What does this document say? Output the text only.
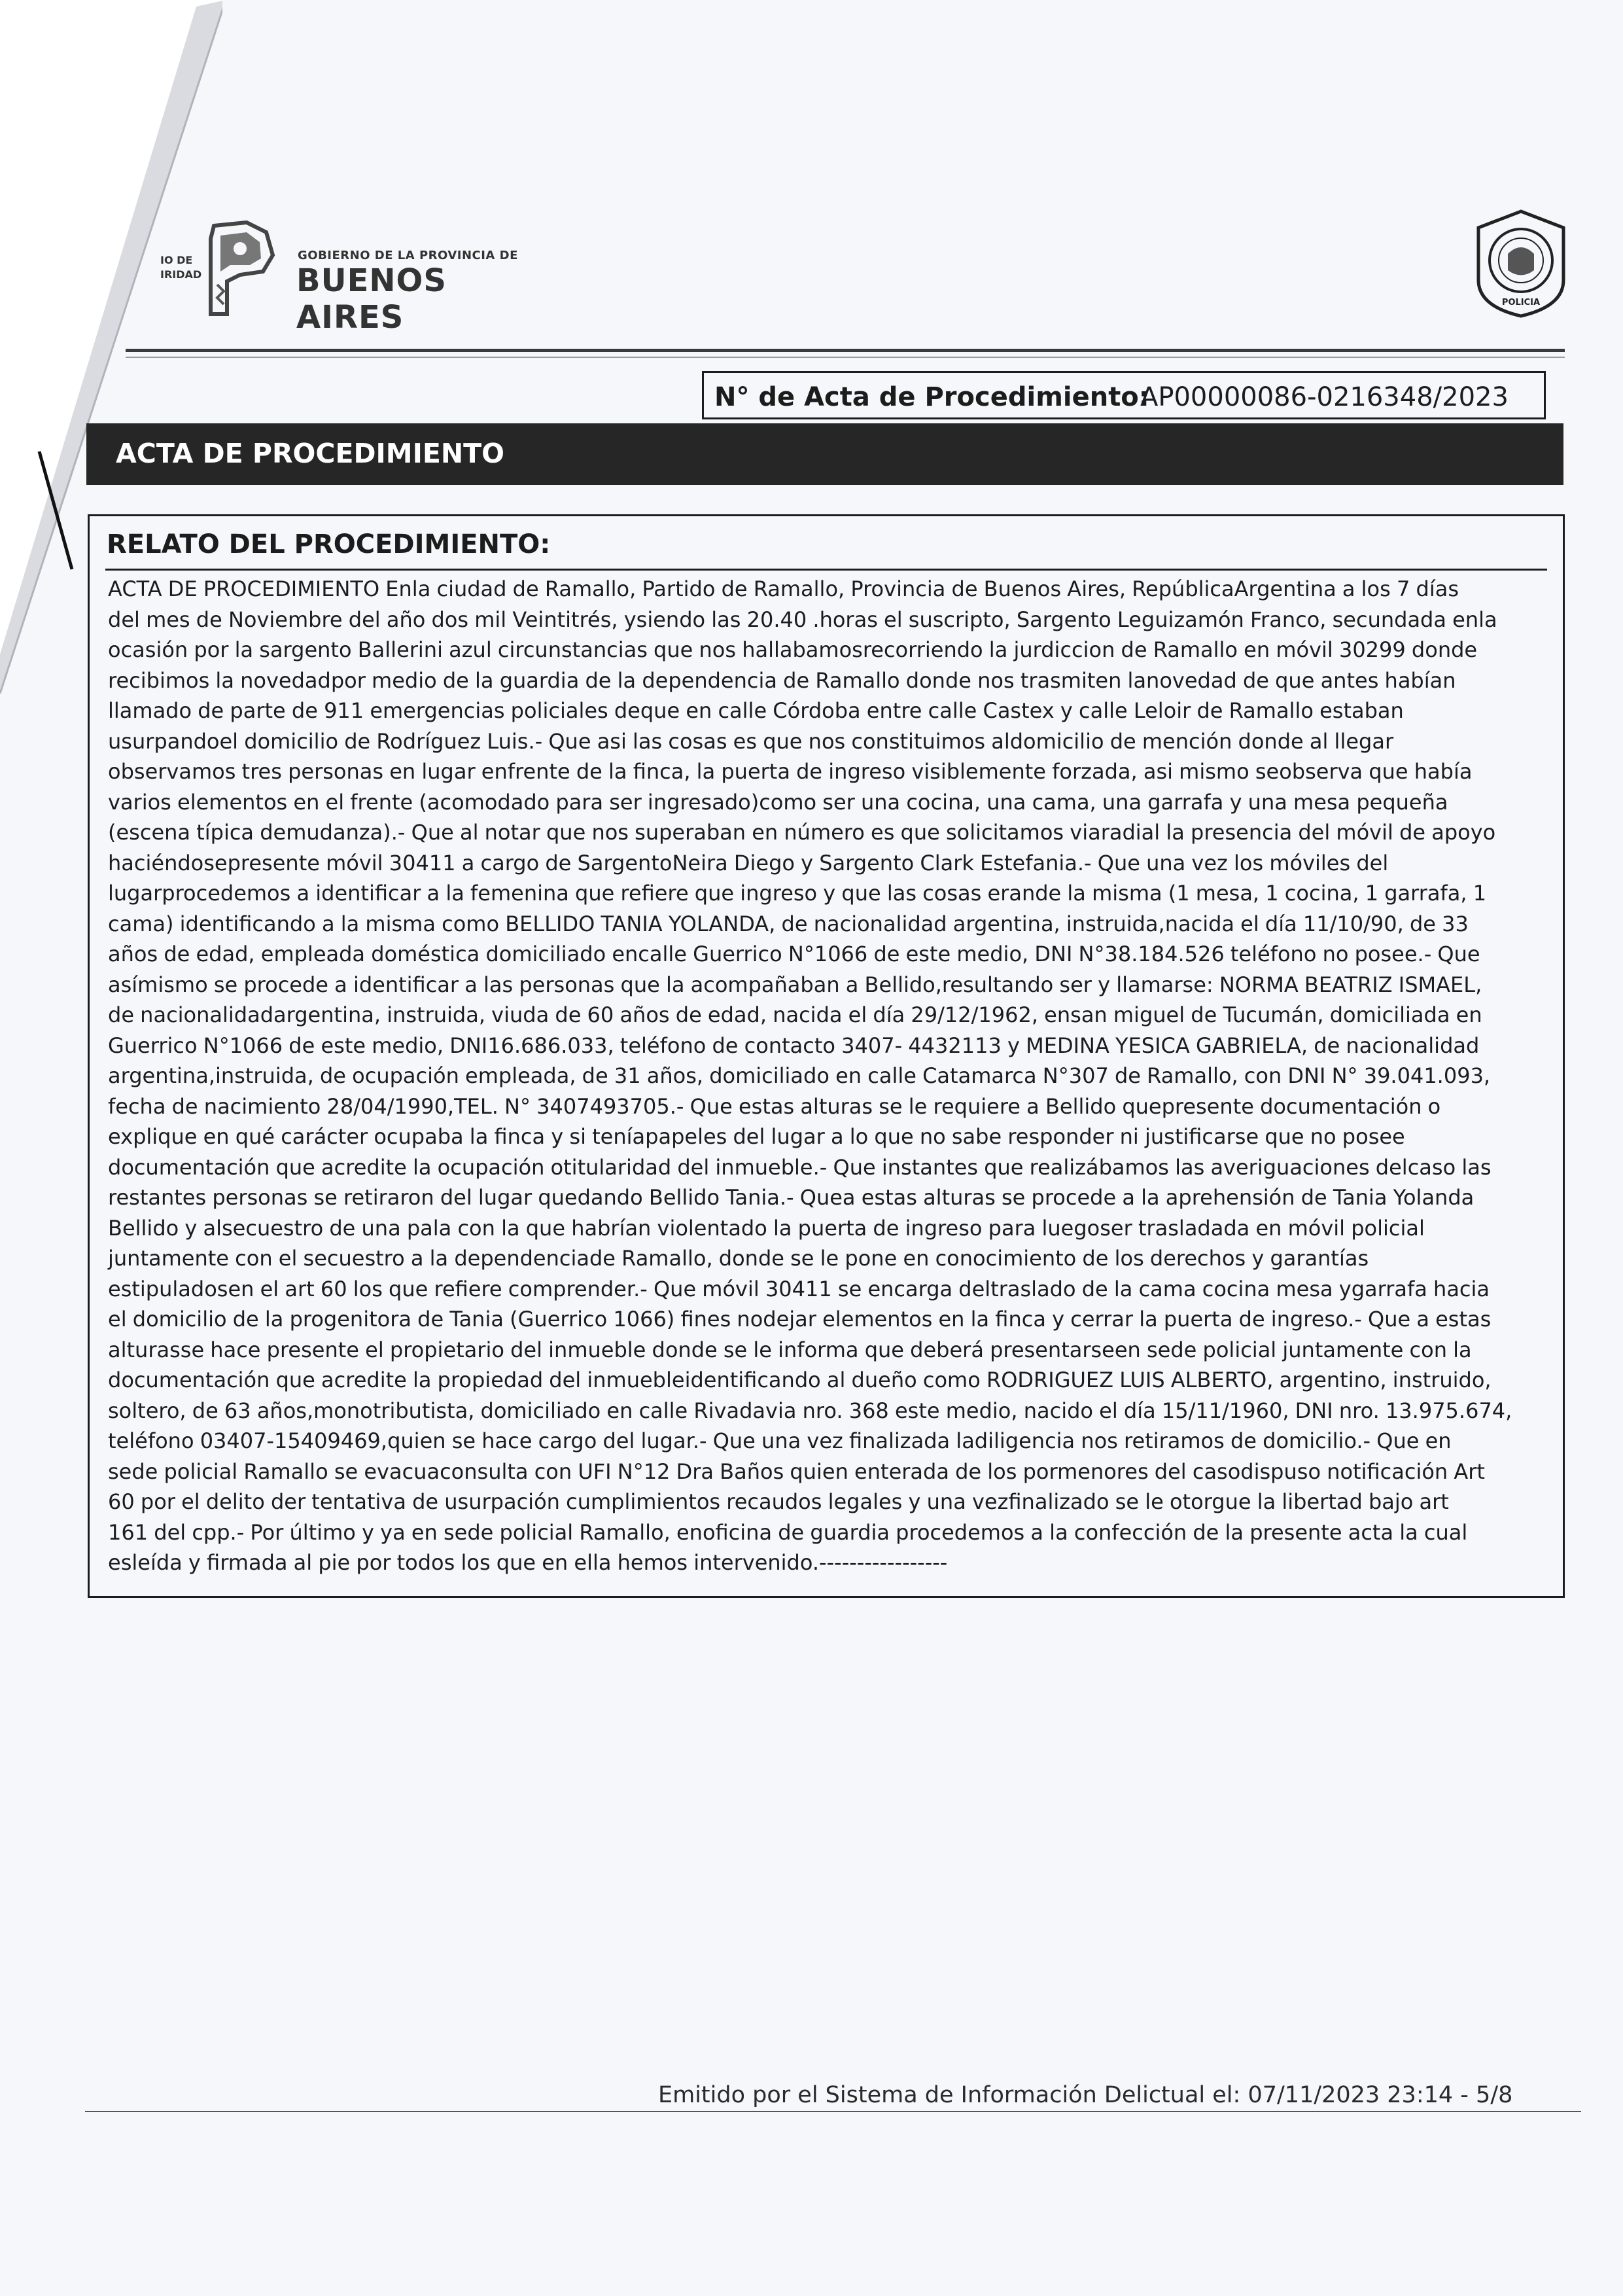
IO DE
IRIDAD
GOBIERNO DE LA PROVINCIA DE
BUENOS AIRES	POLICIA
N° de Acta de Procedimiento:
AP00000086-0216348/2023
ACTA DE PROCEDIMIENTO
RELATO DEL PROCEDIMIENTO:
ACTA DE PROCEDIMIENTO Enla ciudad de Ramallo, Partido de Ramallo, Provincia de Buenos Aires, RepúblicaArgentina a los 7 días
del mes de Noviembre del año dos mil Veintitrés, ysiendo las 20.40 .horas el suscripto, Sargento Leguizamón Franco, secundada enla
ocasión por la sargento Ballerini azul circunstancias que nos hallabamosrecorriendo la jurdiccion de Ramallo en móvil 30299 donde
recibimos la novedadpor medio de la guardia de la dependencia de Ramallo donde nos trasmiten lanovedad de que antes habían
llamado de parte de 911 emergencias policiales deque en calle Córdoba entre calle Castex y calle Leloir de Ramallo estaban
usurpandoel domicilio de Rodríguez Luis.- Que asi las cosas es que nos constituimos aldomicilio de mención donde al llegar
observamos tres personas en lugar enfrente de la finca, la puerta de ingreso visiblemente forzada, asi mismo seobserva que había
varios elementos en el frente (acomodado para ser ingresado)como ser una cocina, una cama, una garrafa y una mesa pequeña
(escena típica demudanza).- Que al notar que nos superaban en número es que solicitamos viaradial la presencia del móvil de apoyo
haciéndosepresente móvil 30411 a cargo de SargentoNeira Diego y Sargento Clark Estefania.- Que una vez los móviles del
lugarprocedemos a identificar a la femenina que refiere que ingreso y que las cosas erande la misma (1 mesa, 1 cocina, 1 garrafa, 1
cama) identificando a la misma como BELLIDO TANIA YOLANDA, de nacionalidad argentina, instruida,nacida el día 11/10/90, de 33
años de edad, empleada doméstica domiciliado encalle Guerrico N°1066 de este medio, DNI N°38.184.526 teléfono no posee.- Que
asímismo se procede a identificar a las personas que la acompañaban a Bellido,resultando ser y llamarse: NORMA BEATRIZ ISMAEL,
de nacionalidadargentina, instruida, viuda de 60 años de edad, nacida el día 29/12/1962, ensan miguel de Tucumán, domiciliada en
Guerrico N°1066 de este medio, DNI16.686.033, teléfono de contacto 3407- 4432113 y MEDINA YESICA GABRIELA, de nacionalidad
argentina,instruida, de ocupación empleada, de 31 años, domiciliado en calle Catamarca N°307 de Ramallo, con DNI N° 39.041.093,
fecha de nacimiento 28/04/1990,TEL. N° 3407493705.- Que estas alturas se le requiere a Bellido quepresente documentación o
explique en qué carácter ocupaba la finca y si teníapapeles del lugar a lo que no sabe responder ni justificarse que no posee
documentación que acredite la ocupación otitularidad del inmueble.- Que instantes que realizábamos las averiguaciones delcaso las
restantes personas se retiraron del lugar quedando Bellido Tania.- Quea estas alturas se procede a la aprehensión de Tania Yolanda
Bellido y alsecuestro de una pala con la que habrían violentado la puerta de ingreso para luegoser trasladada en móvil policial
juntamente con el secuestro a la dependenciade Ramallo, donde se le pone en conocimiento de los derechos y garantías
estipuladosen el art 60 los que refiere comprender.- Que móvil 30411 se encarga deltraslado de la cama cocina mesa ygarrafa hacia
el domicilio de la progenitora de Tania (Guerrico 1066) fines nodejar elementos en la finca y cerrar la puerta de ingreso.- Que a estas
alturasse hace presente el propietario del inmueble donde se le informa que deberá presentarseen sede policial juntamente con la
documentación que acredite la propiedad del inmuebleidentificando al dueño como RODRIGUEZ LUIS ALBERTO, argentino, instruido,
soltero, de 63 años,monotributista, domiciliado en calle Rivadavia nro. 368 este medio, nacido el día 15/11/1960, DNI nro. 13.975.674,
teléfono 03407-15409469,quien se hace cargo del lugar.- Que una vez finalizada ladiligencia nos retiramos de domicilio.- Que en
sede policial Ramallo se evacuaconsulta con UFI N°12 Dra Baños quien enterada de los pormenores del casodispuso notificación Art
60 por el delito der tentativa de usurpación cumplimientos recaudos legales y una vezfinalizado se le otorgue la libertad bajo art
161 del cpp.- Por último y ya en sede policial Ramallo, enoficina de guardia procedemos a la confección de la presente acta la cual
esleída y firmada al pie por todos los que en ella hemos intervenido.-----------------
Emitido por el Sistema de Información Delictual el: 07/11/2023 23:14 - 5/8
